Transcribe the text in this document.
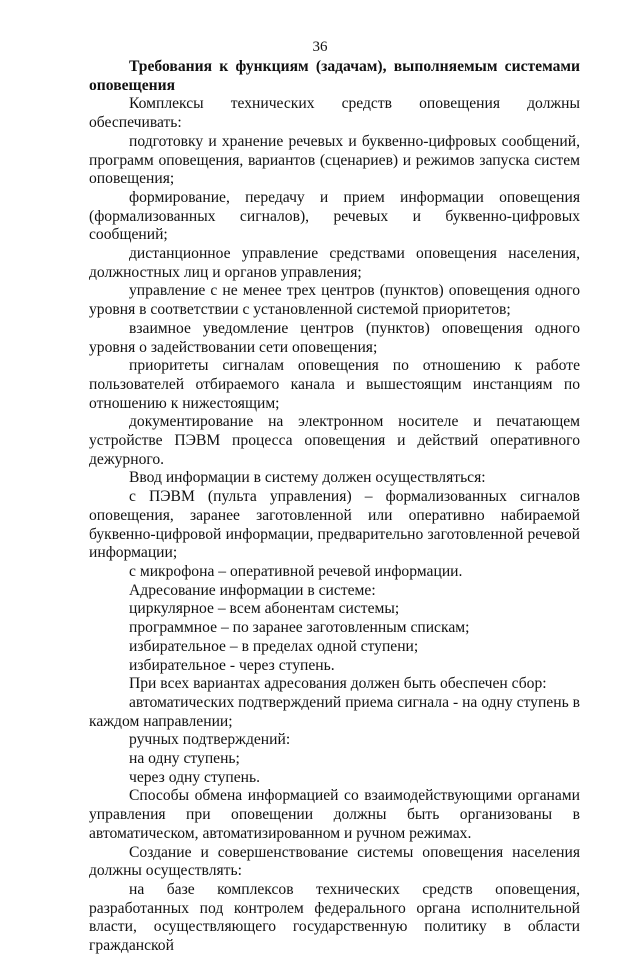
36

Требования к функциям (задачам), выполняемым системами оповещения

Комплексы технических средств оповещения должны обеспечивать:

подготовку и хранение речевых и буквенно-цифровых сообщений, программ оповещения, вариантов (сценариев) и режимов запуска систем оповещения;

формирование, передачу и прием информации оповещения (формализованных сигналов), речевых и буквенно-цифровых сообщений;

дистанционное управление средствами оповещения населения, должностных лиц и органов управления;

управление с не менее трех центров (пунктов) оповещения одного уровня в соответствии с установленной системой приоритетов;

взаимное уведомление центров (пунктов) оповещения одного уровня о задействовании сети оповещения;

приоритеты сигналам оповещения по отношению к работе пользователей отбираемого канала и вышестоящим инстанциям по отношению к нижестоящим;

документирование на электронном носителе и печатающем устройстве ПЭВМ процесса оповещения и действий оперативного дежурного.

Ввод информации в систему должен осуществляться:

с ПЭВМ (пульта управления) – формализованных сигналов оповещения, заранее заготовленной или оперативно набираемой буквенно-цифровой информации, предварительно заготовленной речевой информации;

с микрофона – оперативной речевой информации.

Адресование информации в системе:

циркулярное – всем абонентам системы;

программное – по заранее заготовленным спискам;

избирательное – в пределах одной ступени;

избирательное - через ступень.

При всех вариантах адресования должен быть обеспечен сбор:

автоматических подтверждений приема сигнала - на одну ступень в каждом направлении;

ручных подтверждений:

на одну ступень;

через одну ступень.

Способы обмена информацией со взаимодействующими органами управления при оповещении должны быть организованы в автоматическом, автоматизированном и ручном режимах.

Создание и совершенствование системы оповещения населения должны осуществлять:

на базе комплексов технических средств оповещения, разработанных под контролем федерального органа исполнительной власти, осуществляющего государственную политику в области гражданской
